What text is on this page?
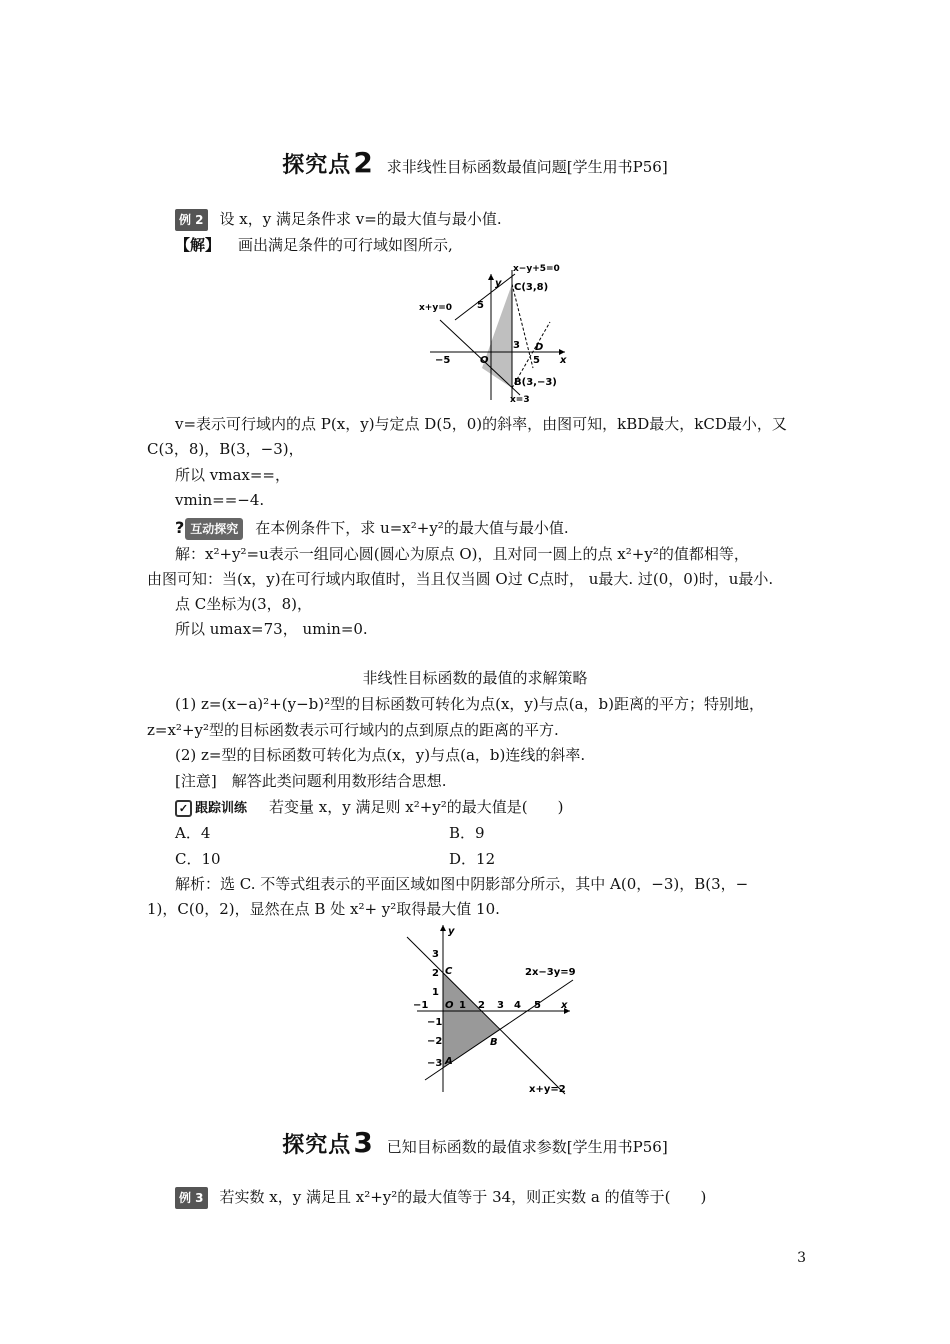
探究点 2 求非线性目标函数最值问题[学生用书P56]
例 2 设 x，y 满足条件求 v=的最大值与最小值.
【解】 画出满足条件的可行域如图所示,
x−y+5=0
x+y=0
x=3
C(3,8)
B(3,−3)
D
−5
5
3
5
O	x
y
v=表示可行域内的点 P(x，y)与定点 D(5，0)的斜率，由图可知，kBD最大，kCD最小，又
C(3，8)，B(3，−3)，
所以 vmax==，
vmin==−4.
? 互动探究 在本例条件下，求 u=x²+y²的最大值与最小值.
解：x²+y²=u表示一组同心圆(圆心为原点 O)，且对同一圆上的点 x²+y²的值都相等，
由图可知：当(x，y)在可行域内取值时，当且仅当圆 O过 C点时， u最大. 过(0，0)时，u最小.
点 C坐标为(3，8)，
所以 umax=73， umin=0.
非线性目标函数的最值的求解策略
(1) z=(x−a)²+(y−b)²型的目标函数可转化为点(x，y)与点(a，b)距离的平方；特别地，
z=x²+y²型的目标函数表示可行域内的点到原点的距离的平方.
(2) z=型的目标函数可转化为点(x，y)与点(a，b)连线的斜率.
[注意]　解答此类问题利用数形结合思想.
✓ 跟踪训练 若变量 x，y 满足则 x²+y²的最大值是(　　)
A．4	B．9
C．10	D．12
解析：选 C. 不等式组表示的平面区域如图中阴影部分所示，其中 A(0，−3)，B(3，−
1)，C(0，2)，显然在点 B 处 x²+ y²取得最大值 10.
2x−3y=9
x+y=2
A
B
C
O	x
y
−1	1 2 3 4 5
3
2
1
−1
−2
−3
探究点 3 已知目标函数的最值求参数[学生用书P56]
例 3 若实数 x，y 满足且 x²+y²的最大值等于 34，则正实数 a 的值等于(　　)
3
